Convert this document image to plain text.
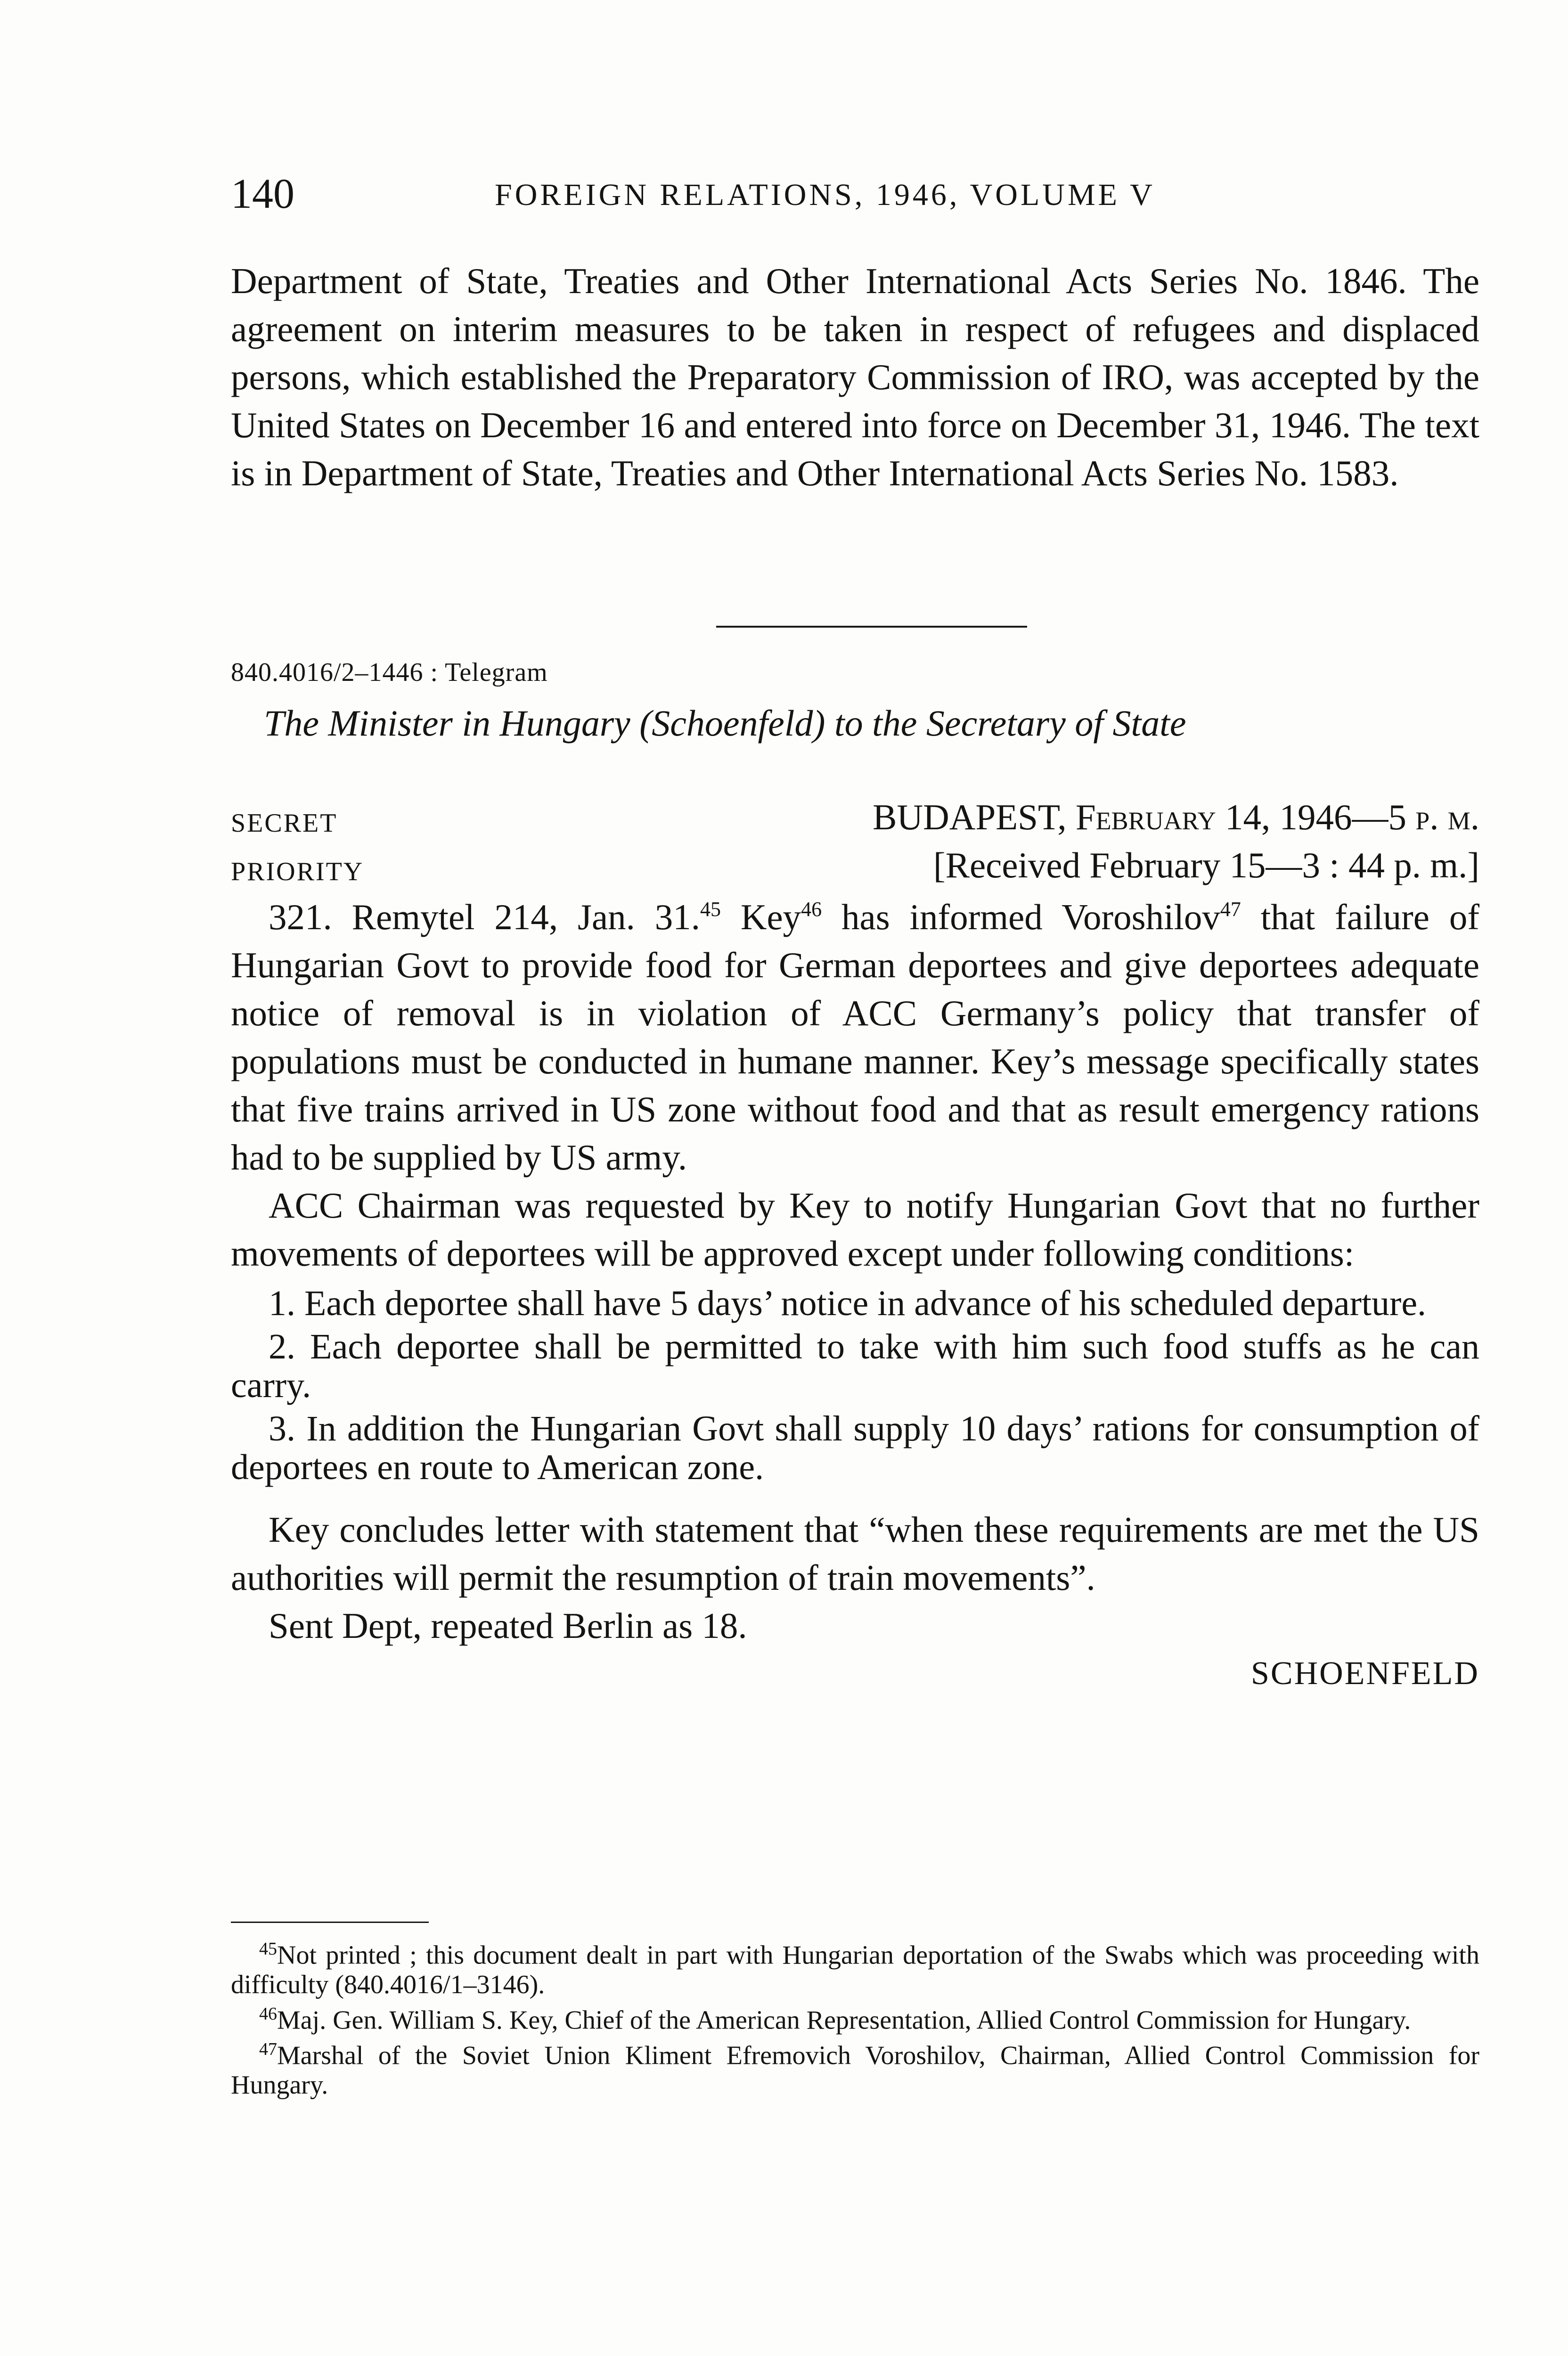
140	FOREIGN RELATIONS, 1946, VOLUME V

Department of State, Treaties and Other International Acts Series No. 1846. The agreement on interim measures to be taken in respect of refugees and displaced persons, which established the Preparatory Commission of IRO, was accepted by the United States on December 16 and entered into force on December 31, 1946. The text is in Department of State, Treaties and Other International Acts Series No. 1583.

840.4016/2–1446 : Telegram
The Minister in Hungary (Schoenfeld) to the Secretary of State
SECRET	BUDAPEST, February 14, 1946—5 p. m.
PRIORITY	[Received February 15—3 : 44 p. m.]

321. Remytel 214, Jan. 31.45 Key$^{46}$ has informed Voroshilov$^{47}$ that failure of Hungarian Govt to provide food for German deportees and give deportees adequate notice of removal is in violation of ACC Germany’s policy that transfer of populations must be conducted in humane manner. Key’s message specifically states that five trains arrived in US zone without food and that as result emergency rations had to be supplied by US army.

ACC Chairman was requested by Key to notify Hungarian Govt that no further movements of deportees will be approved except under following conditions:

1. Each deportee shall have 5 days’ notice in advance of his scheduled departure.
2. Each deportee shall be permitted to take with him such food stuffs as he can carry.
3. In addition the Hungarian Govt shall supply 10 days’ rations for consumption of deportees en route to American zone.

Key concludes letter with statement that “when these requirements are met the US authorities will permit the resumption of train movements”.

Sent Dept, repeated Berlin as 18.

SCHOENFELD

$^{45}$Not printed ; this document dealt in part with Hungarian deportation of the Swabs which was proceeding with difficulty (840.4016/1–3146).

$^{46}$Maj. Gen. William S. Key, Chief of the American Representation, Allied Control Commission for Hungary.

$^{47}$Marshal of the Soviet Union Kliment Efremovich Voroshilov, Chairman, Allied Control Commission for Hungary.
